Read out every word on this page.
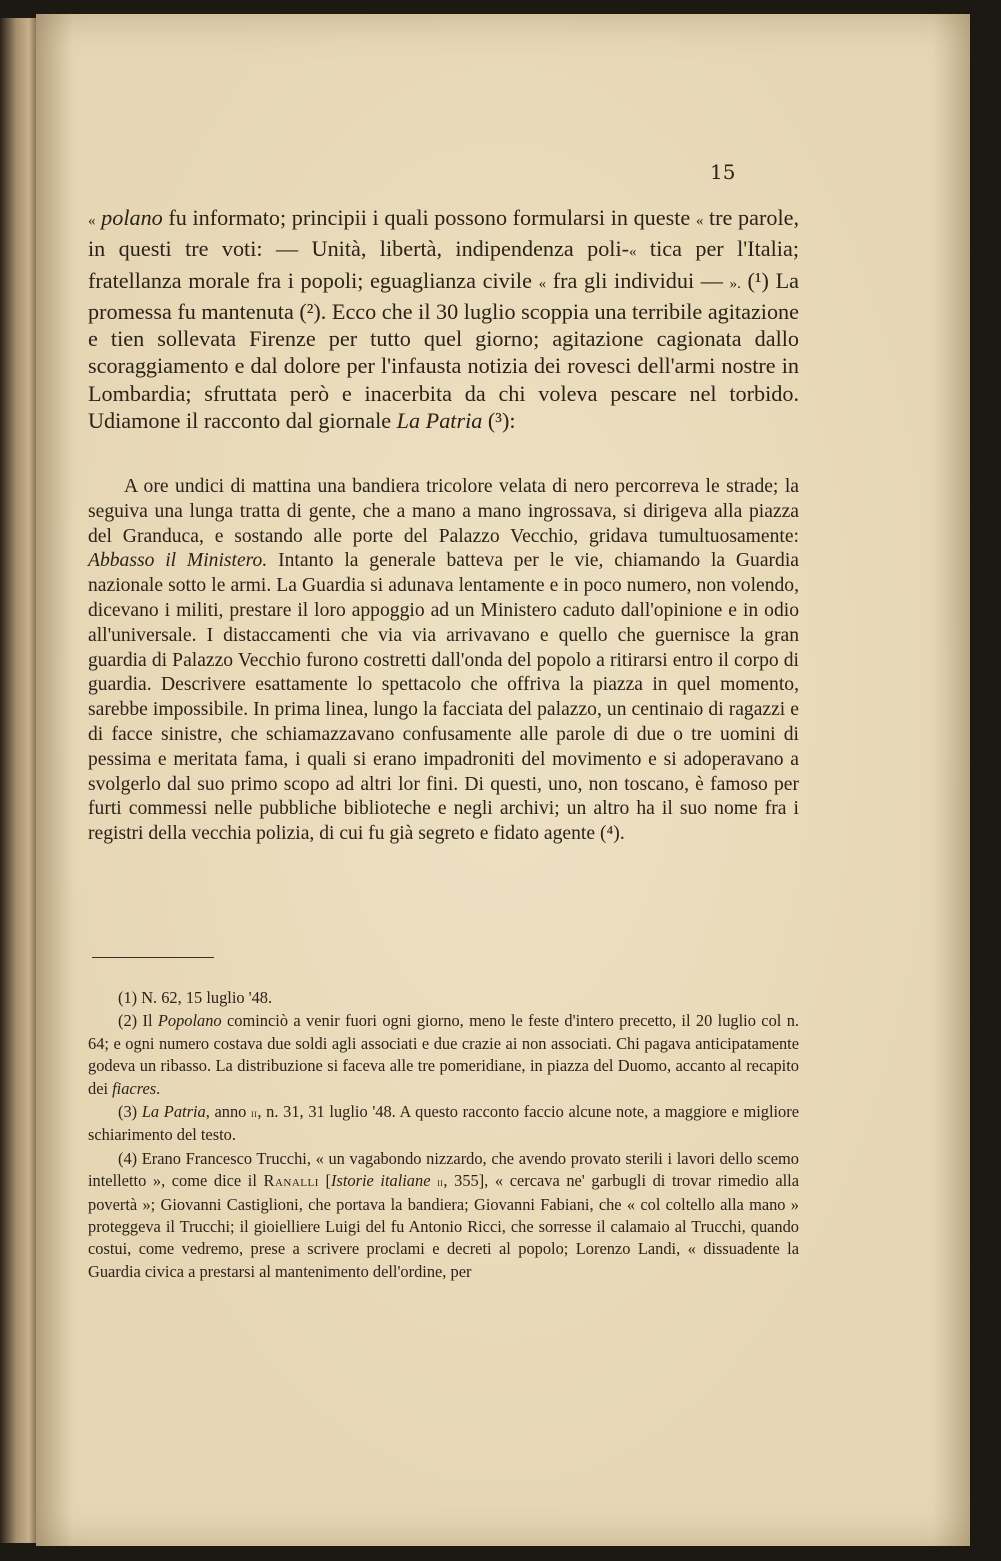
15

« polano fu informato; principii i quali possono formularsi in queste « tre parole, in questi tre voti: — Unità, libertà, indipendenza poli-« tica per l'Italia; fratellanza morale fra i popoli; eguaglianza civile « fra gli individui — ». (¹) La promessa fu mantenuta (²). Ecco che il 30 luglio scoppia una terribile agitazione e tien sollevata Firenze per tutto quel giorno; agitazione cagionata dallo scoraggiamento e dal dolore per l'infausta notizia dei rovesci dell'armi nostre in Lombardia; sfruttata però e inacerbita da chi voleva pescare nel torbido. Udiamone il racconto dal giornale La Patria (³):

A ore undici di mattina una bandiera tricolore velata di nero percorreva le strade; la seguiva una lunga tratta di gente, che a mano a mano ingrossava, si dirigeva alla piazza del Granduca, e sostando alle porte del Palazzo Vecchio, gridava tumultuosamente: Abbasso il Ministero. Intanto la generale batteva per le vie, chiamando la Guardia nazionale sotto le armi. La Guardia si adunava lentamente e in poco numero, non volendo, dicevano i militi, prestare il loro appoggio ad un Ministero caduto dall'opinione e in odio all'universale. I distaccamenti che via via arrivavano e quello che guernisce la gran guardia di Palazzo Vecchio furono costretti dall'onda del popolo a ritirarsi entro il corpo di guardia. Descrivere esattamente lo spettacolo che offriva la piazza in quel momento, sarebbe impossibile. In prima linea, lungo la facciata del palazzo, un centinaio di ragazzi e di facce sinistre, che schiamazzavano confusamente alle parole di due o tre uomini di pessima e meritata fama, i quali si erano impadroniti del movimento e si adoperavano a svolgerlo dal suo primo scopo ad altri lor fini. Di questi, uno, non toscano, è famoso per furti commessi nelle pubbliche biblioteche e negli archivi; un altro ha il suo nome fra i registri della vecchia polizia, di cui fu già segreto e fidato agente (⁴).

(1) N. 62, 15 luglio '48.

(2) Il Popolano cominciò a venir fuori ogni giorno, meno le feste d'intero precetto, il 20 luglio col n. 64; e ogni numero costava due soldi agli associati e due crazie ai non associati. Chi pagava anticipatamente godeva un ribasso. La distribuzione si faceva alle tre pomeridiane, in piazza del Duomo, accanto al recapito dei fiacres.

(3) La Patria, anno ii, n. 31, 31 luglio '48. A questo racconto faccio alcune note, a maggiore e migliore schiarimento del testo.

(4) Erano Francesco Trucchi, « un vagabondo nizzardo, che avendo provato sterili i lavori dello scemo intelletto », come dice il Ranalli [Istorie italiane ii, 355], « cercava ne' garbugli di trovar rimedio alla povertà »; Giovanni Castiglioni, che portava la bandiera; Giovanni Fabiani, che « col coltello alla mano » proteggeva il Trucchi; il gioielliere Luigi del fu Antonio Ricci, che sorresse il calamaio al Trucchi, quando costui, come vedremo, prese a scrivere proclami e decreti al popolo; Lorenzo Landi, « dissuadente la Guardia civica a prestarsi al mantenimento dell'ordine, per
